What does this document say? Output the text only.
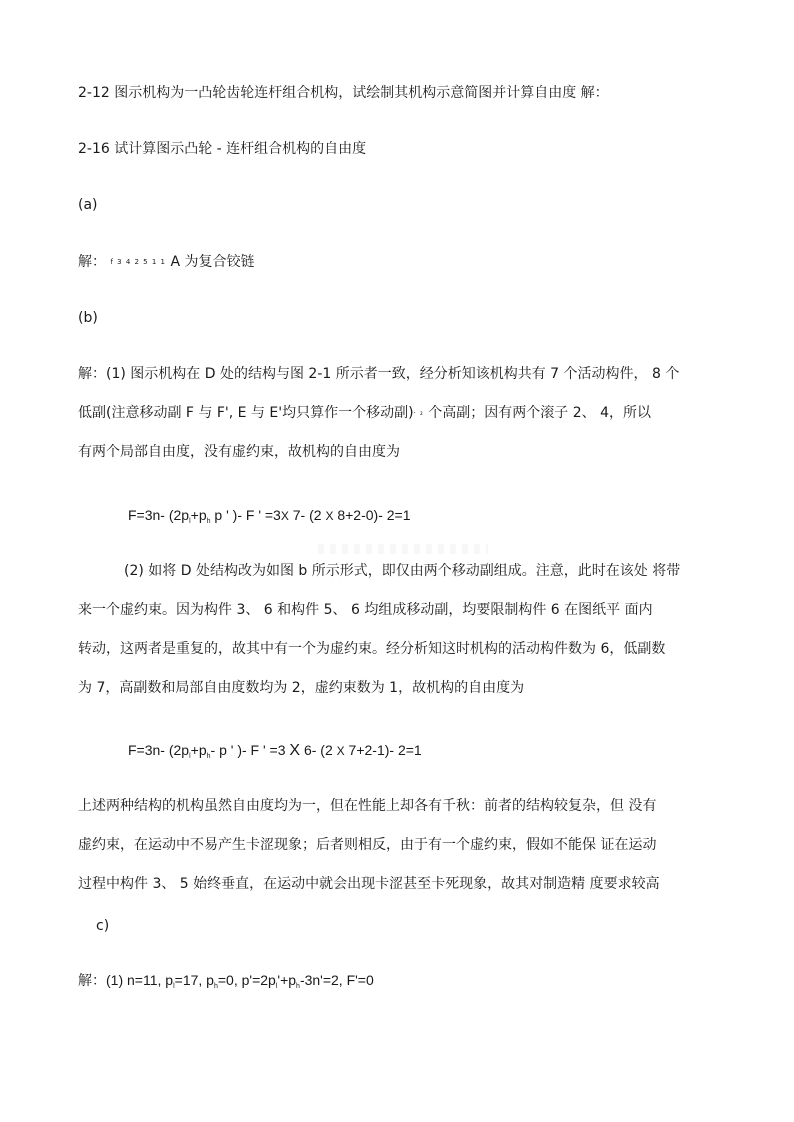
2-12 图示机构为一凸轮齿轮连杆组合机构，试绘制其机构示意简图并计算自由度 解：
2-16 试计算图示凸轮 - 连杆组合机构的自由度
(a)
解： f 3 4 2 5 1 1 A 为复合铰链
(b)
解：(1) 图示机构在 D 处的结构与图 2-1 所示者一致，经分析知该机构共有 7 个活动构件， 8 个
低副(注意移动副 F 与 F', E 与 E'均只算作一个移动副)· ₂ 个高副；因有两个滚子 2、 4，所以
有两个局部自由度，没有虚约束，故机构的自由度为
F=3n- ($2p_l+p_h$ p ' )- F ' =3X 7- (2 X 8+2-0)- 2=1
(2) 如将 D 处结构改为如图 b 所示形式，即仅由两个移动副组成。注意，此时在该处 将带
来一个虚约束。因为构件 3、 6 和构件 5、 6 均组成移动副，均要限制构件 6 在图纸平 面内
转动，这两者是重复的，故其中有一个为虚约束。经分析知这时机构的活动构件数为 6，低副数
为 7，高副数和局部自由度数均为 2，虚约束数为 1，故机构的自由度为
F=3n- ($2p_l+p_h-$ p ' )- F ' =3 X 6- (2 X 7+2-1)- 2=1
上述两种结构的机构虽然自由度均为一，但在性能上却各有千秋：前者的结构较复杂，但 没有
虚约束，在运动中不易产生卡涩现象；后者则相反，由于有一个虚约束，假如不能保 证在运动
过程中构件 3、 5 始终垂直，在运动中就会出现卡涩甚至卡死现象，故其对制造精 度要求较高
c)
解：(1) n=11, $p_l=17$, $p_h=0$, $p'=2p_l'+p_h-3n'=2$, F'=0
